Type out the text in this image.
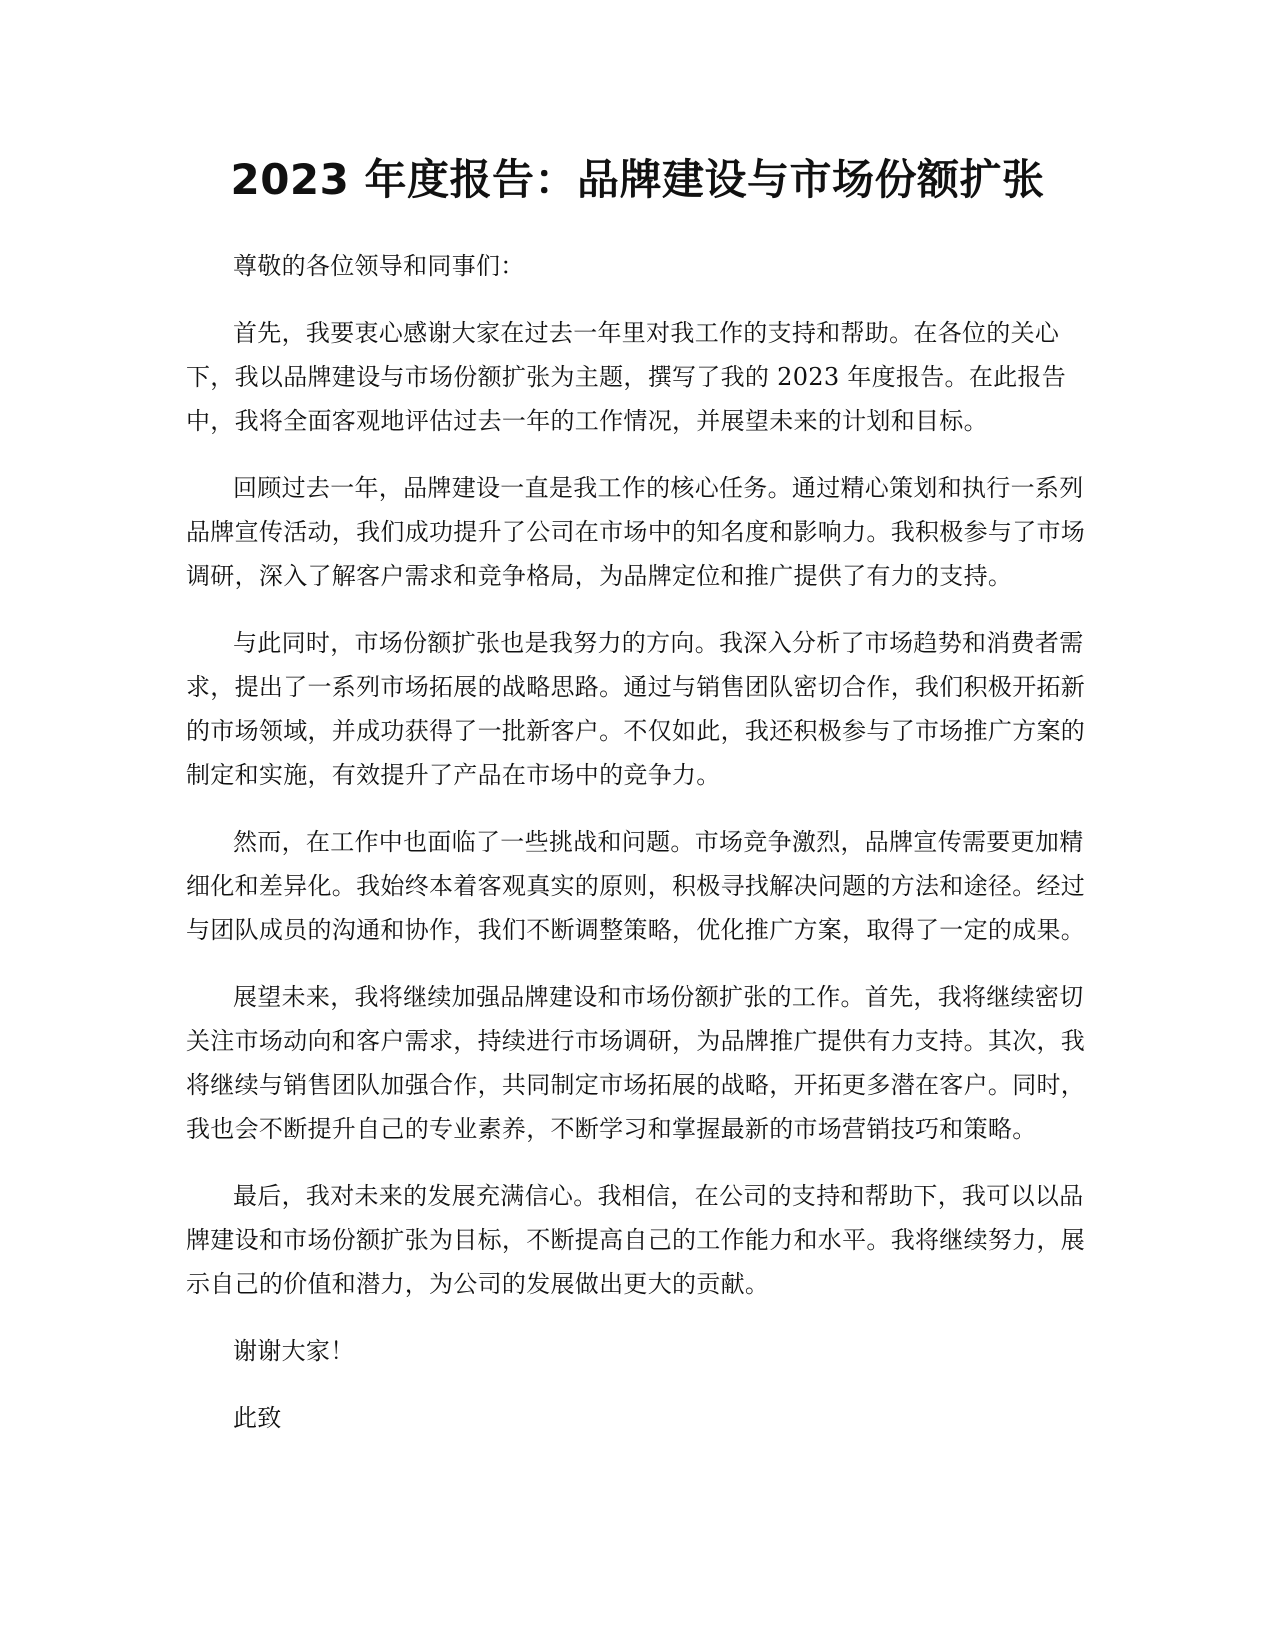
2023 年度报告：品牌建设与市场份额扩张

尊敬的各位领导和同事们：

首先，我要衷心感谢大家在过去一年里对我工作的支持和帮助。在各位的关心下，我以品牌建设与市场份额扩张为主题，撰写了我的 2023 年度报告。在此报告中，我将全面客观地评估过去一年的工作情况，并展望未来的计划和目标。

回顾过去一年，品牌建设一直是我工作的核心任务。通过精心策划和执行一系列品牌宣传活动，我们成功提升了公司在市场中的知名度和影响力。我积极参与了市场调研，深入了解客户需求和竞争格局，为品牌定位和推广提供了有力的支持。

与此同时，市场份额扩张也是我努力的方向。我深入分析了市场趋势和消费者需求，提出了一系列市场拓展的战略思路。通过与销售团队密切合作，我们积极开拓新的市场领域，并成功获得了一批新客户。不仅如此，我还积极参与了市场推广方案的制定和实施，有效提升了产品在市场中的竞争力。

然而，在工作中也面临了一些挑战和问题。市场竞争激烈，品牌宣传需要更加精细化和差异化。我始终本着客观真实的原则，积极寻找解决问题的方法和途径。经过与团队成员的沟通和协作，我们不断调整策略，优化推广方案，取得了一定的成果。

展望未来，我将继续加强品牌建设和市场份额扩张的工作。首先，我将继续密切关注市场动向和客户需求，持续进行市场调研，为品牌推广提供有力支持。其次，我将继续与销售团队加强合作，共同制定市场拓展的战略，开拓更多潜在客户。同时，我也会不断提升自己的专业素养，不断学习和掌握最新的市场营销技巧和策略。

最后，我对未来的发展充满信心。我相信，在公司的支持和帮助下，我可以以品牌建设和市场份额扩张为目标，不断提高自己的工作能力和水平。我将继续努力，展示自己的价值和潜力，为公司的发展做出更大的贡献。

谢谢大家！

此致
